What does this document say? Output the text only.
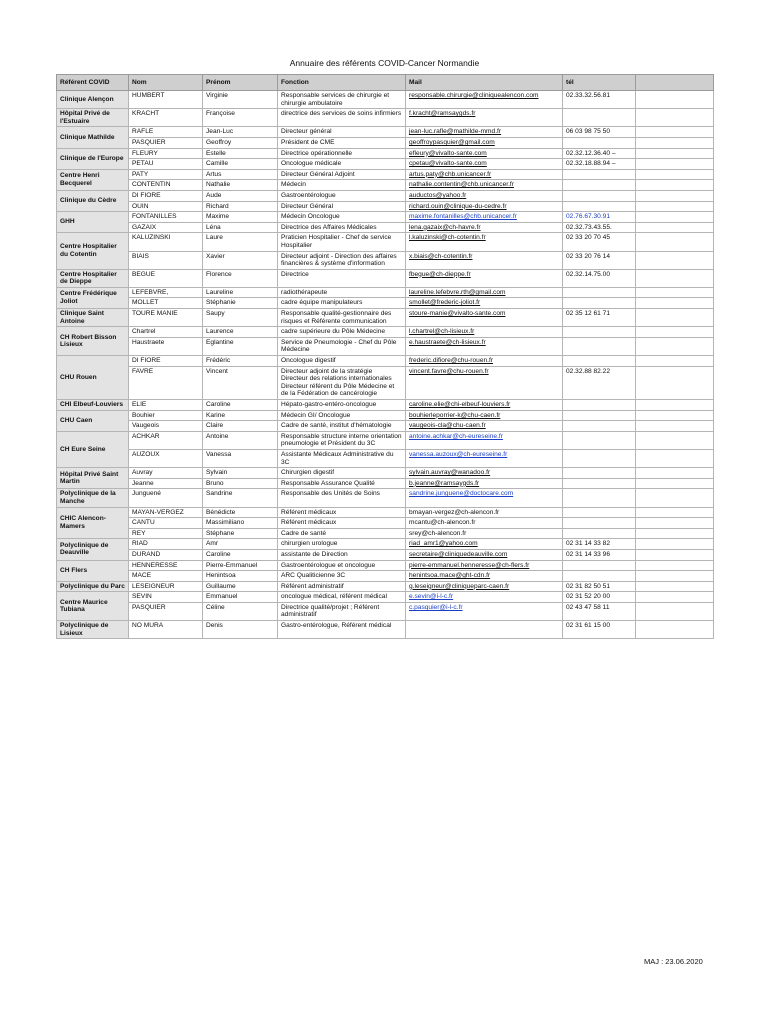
Annuaire des référents COVID-Cancer Normandie
Référent COVID	Nom	Prénom	Fonction	Mail	tél	
Clinique Alençon	HUMBERT	Virginie	Responsable services de chirurgie et chirurgie ambulatoire	responsable.chirurgie@cliniquealencon.com	02.33.32.56.81	
Hôpital Privé de l'Estuaire	KRACHT	Françoise	directrice des services de soins infirmiers	f.kracht@ramsaygds.fr		
Clinique Mathilde	RAFLE	Jean-Luc	Directeur général	jean-luc.rafle@mathilde-mmd.fr	06 03 98 75 50	
	PASQUIER	Geoffroy	Président de CME	geoffroypasquier@gmail.com		
Clinique de l'Europe	FLEURY	Estelle	Directrice opérationnelle	efleury@vivalto-sante.com	02.32.12.36.40 –	
	PETAU	Camille	Oncologue médicale	cpetau@vivalto-sante.com	02.32.18.88.94 –	
Centre Henri Becquerel	PATY	Artus	Directeur Général Adjoint	artus.paty@chb.unicancer.fr		
	CONTENTIN	Nathalie	Médecin	nathalie.contentin@chb.unicancer.fr		
Clinique du Cèdre	DI FIORE	Aude	Gastroentérologue	auductos@yahoo.fr		
	OUIN	Richard	Directeur Général	richard.ouin@clinique-du-cedre.fr		
GHH	FONTANILLES	Maxime	Médecin Oncologue	maxime.fontanilles@chb.unicancer.fr	02.76.67.30.91	
	GAZAIX	Léna	Directrice des Affaires Médicales	lena.gazaix@ch-havre.fr	02.32.73.43.55.	
Centre Hospitalier du Cotentin	KALUZINSKI	Laure	Praticien Hospitalier - Chef de service Hospitalier	l.kaluzinski@ch-cotentin.fr	02 33 20 70 45	
	BIAIS	Xavier	Directeur adjoint - Direction des affaires financières & système d'information	x.biais@ch-cotentin.fr	02 33 20 76 14	
Centre Hospitalier de Dieppe	BEGUE	Florence	Directrice	fbegue@ch-dieppe.fr	02.32.14.75.00	
Centre Frédérique Joliot	LEFEBVRE,	Laureline	radiothérapeute	laureline.lefebvre.rth@gmail.com		
	MOLLET	Stéphanie	cadre équipe manipulateurs	smollet@frederic-joliot.fr		
Clinique Saint Antoine	TOURE MANIE	Saupy	Responsable qualité-gestionnaire des risques et Référente communication	stoure-manie@vivalto-sante.com	02 35 12 61 71	
CH Robert Bisson Lisieux	Chartrel	Laurence	cadre supérieure du Pôle Médecine	l.chartrel@ch-lisieux.fr		
	Haustraete	Eglantine	Service de Pneumologie - Chef du Pôle Médecine	e.haustraete@ch-lisieux.fr		
CHU Rouen	DI FIORE	Frédéric	Oncologue digestif	frederic.difiore@chu-rouen.fr		
	FAVRE	Vincent	Directeur adjoint de la stratégie
Directeur des relations internationales
Directeur référent du Pôle Médecine et de la Fédération de cancérologie	vincent.favre@chu-rouen.fr	02.32.88 82.22	
CHI Elbeuf-Louviers	ELIE	Caroline	Hépato-gastro-entéro-oncologue	caroline.elie@chi-elbeuf-louviers.fr		
CHU Caen	Bouhier	Karine	Médecin GI/ Oncologue	bouhierleporrier-k@chu-caen.fr		
	Vaugeois	Claire	Cadre de santé, institut d'hématologie	vaugeois-cla@chu-caen.fr		
CH Eure Seine	ACHKAR	Antoine	Responsable structure interne orientation pneumologie et Président du 3C	antoine.achkar@ch-eureseine.fr		
	AUZOUX	Vanessa	Assistante Médicaux Administrative du 3C	vanessa.auzoux@ch-eureseine.fr		
Hôpital Privé Saint Martin	Auvray	Sylvain	Chirurgien digestif	sylvain.auvray@wanadoo.fr		
	Jeanne	Bruno	Responsable Assurance Qualité	b.jeanne@ramsaygds.fr		
Polyclinique de la Manche	Junguené	Sandrine	Responsable des Unités de Soins	sandrine.junguene@doctocare.com		
CHIC Alencon-Mamers	MAYAN-VERGEZ	Bénédicte	Référent médicaux	bmayan-vergez@ch-alencon.fr		
	CANTU	Massimiliano	Référent médicaux	mcantu@ch-alencon.fr		
	REY	Stéphane	Cadre de santé	srey@ch-alencon.fr		
Polyclinique de Deauville	RIAD	Amr	chirurgien urologue	riad_amr1@yahoo.com	02 31 14 33 82	
	DURAND	Caroline	assistante de Direction	secretaire@cliniquedeauville.com	02 31 14 33 96	
CH Flers	HENNERESSE	Pierre-Emmanuel	Gastroentérologue et oncologue	pierre-emmanuel.henneresse@ch-flers.fr		
	MACE	Henintsoa	ARC Qualiticienne 3C	henintsoa.mace@ght-cdn.fr		
Polyclinique du Parc	LESEIGNEUR	Guillaume	Référent administratif	g.leseigneur@cliniqueparc-caen.fr	02 31 82 50 51	
Centre Maurice Tubiana	SEVIN	Emmanuel	oncologue médical, référent médical	e.sevin@i-l-c.fr	02 31 52 20 00	
	PASQUIER	Céline	Directrice qualité/projet ; Référent administratif	c.pasquier@i-l-c.fr	02 43 47 58 11	
Polyclinique de Lisieux	NO MURA	Denis	Gastro-entérologue, Référent médical		02 31 61 15 00	
MAJ : 23.06.2020
